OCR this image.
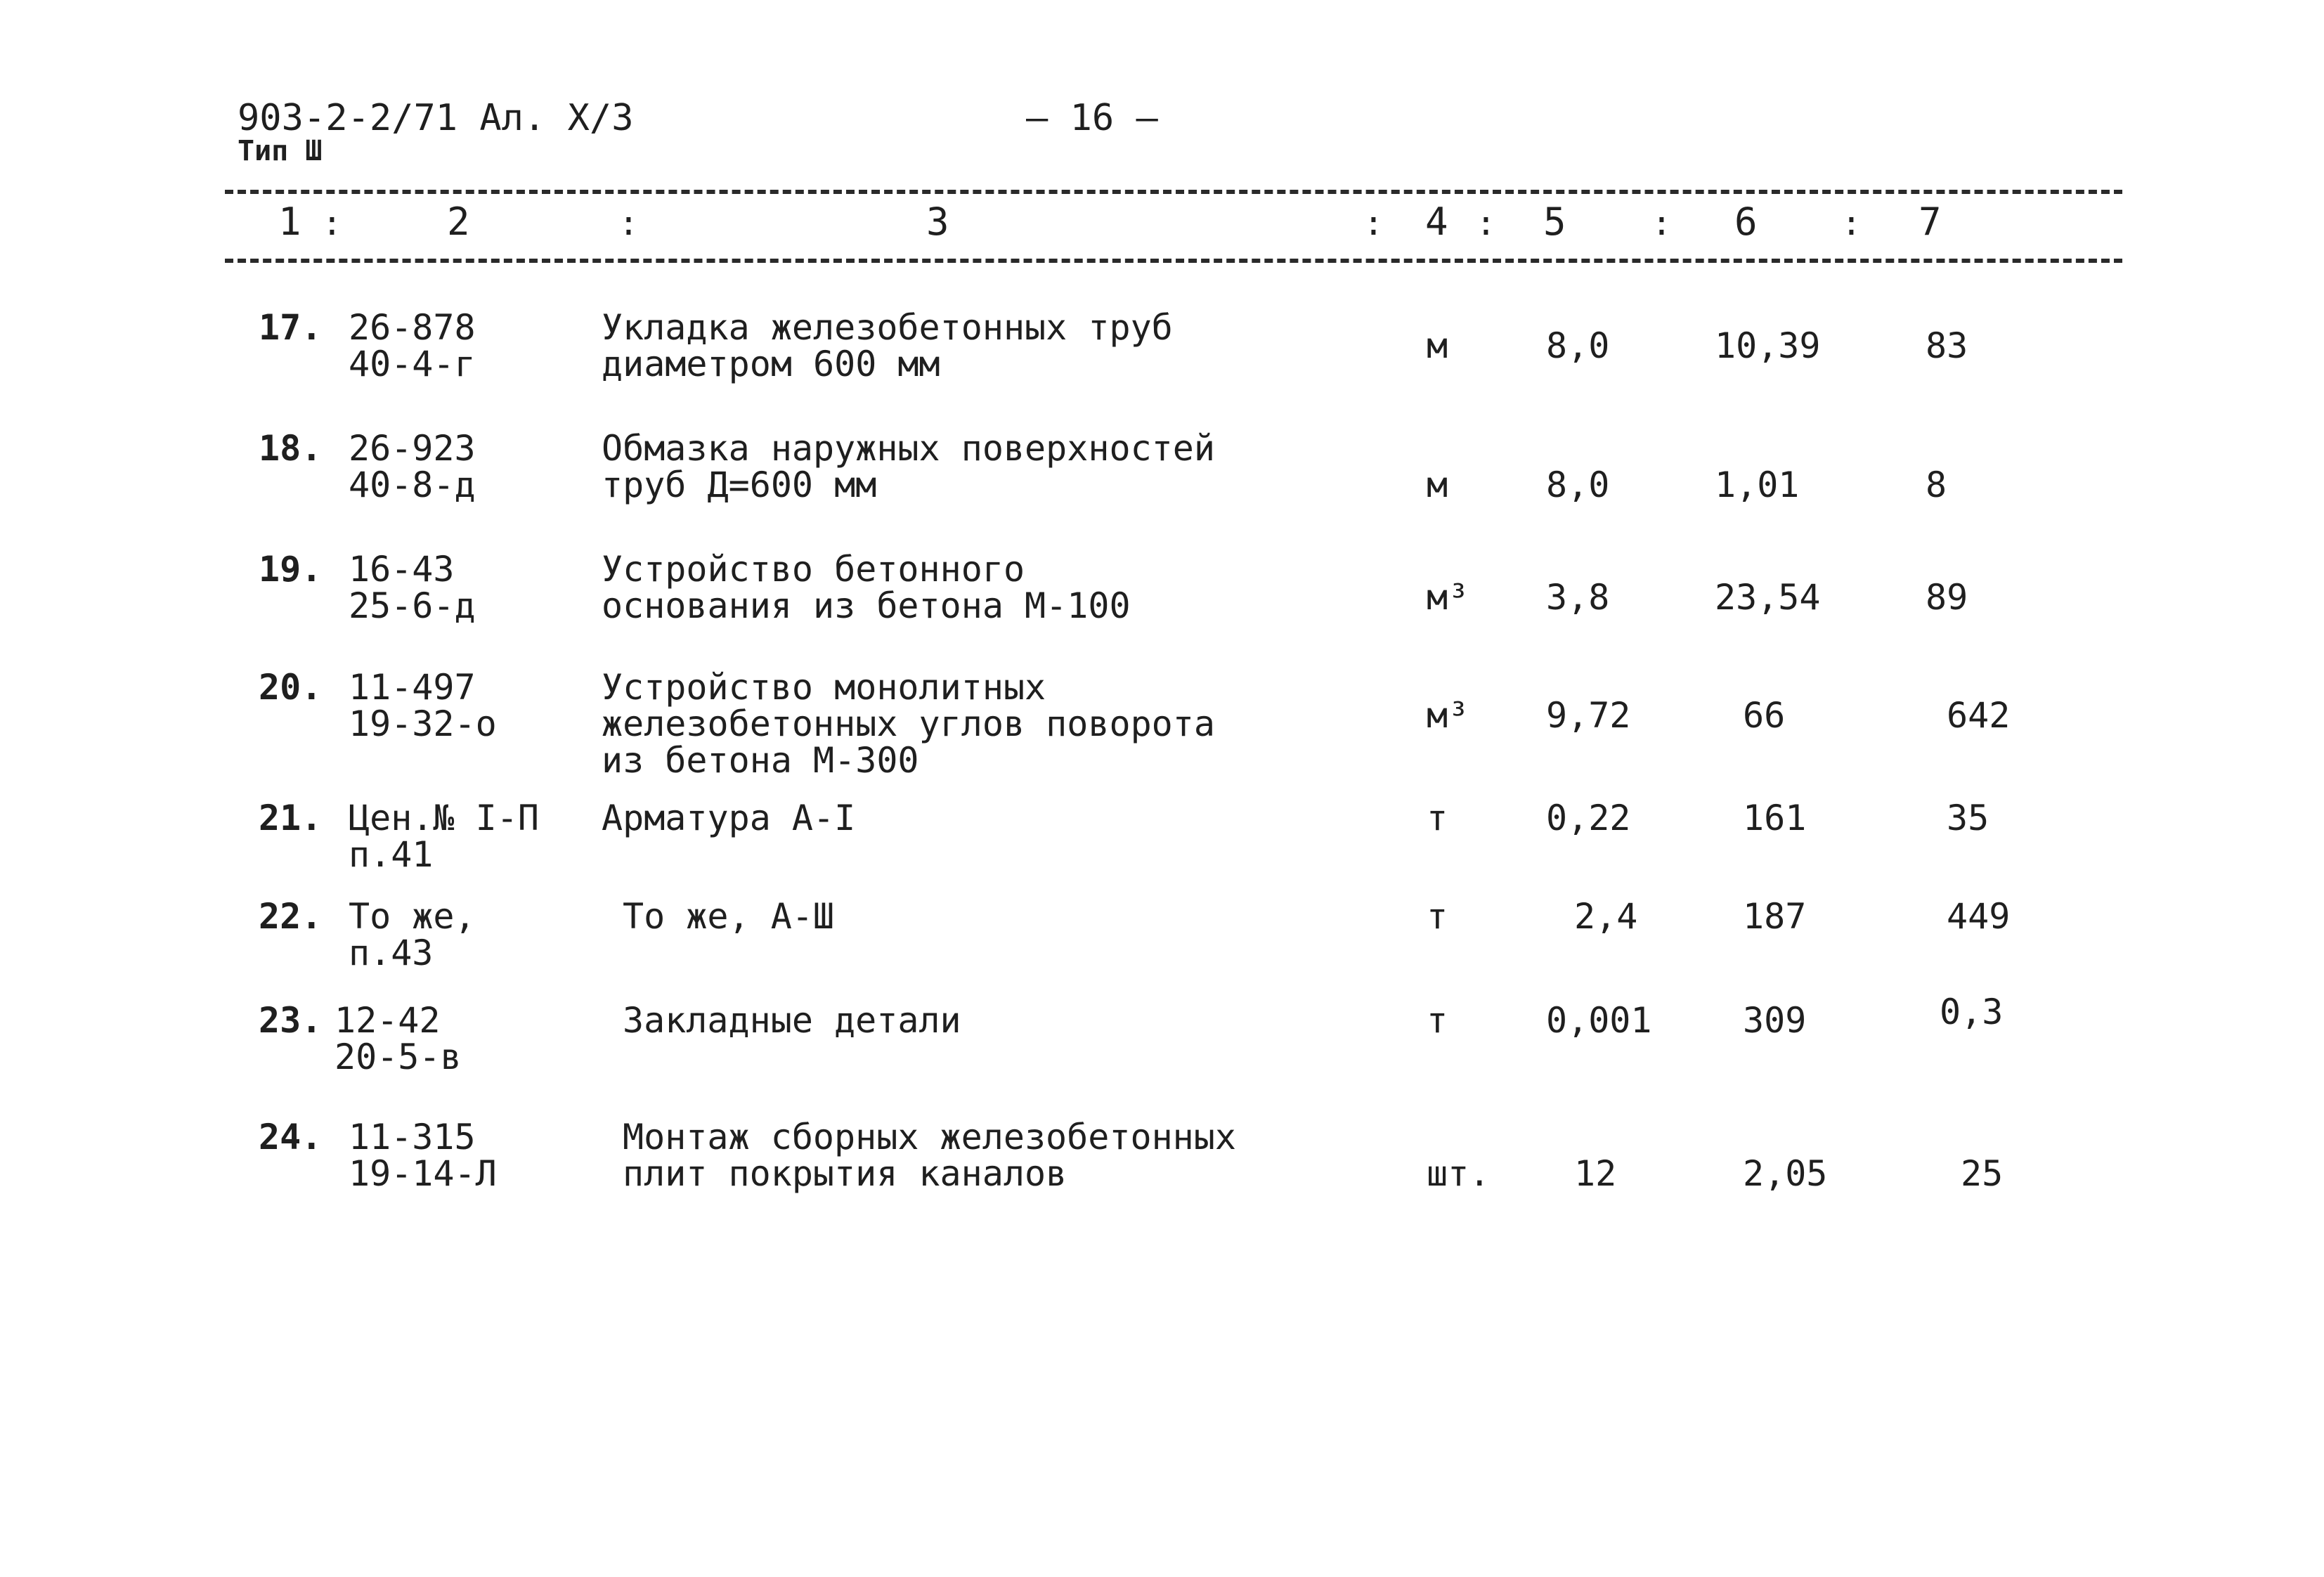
903-2-2/71 Ал. X/3
Тип Ш
– 16 –
1 :	2	:	3	: 4 : 5	: 6 : 7
17. 26-878
40-4-г
Укладка железобетонных труб
диаметром 600 мм	м	8,0	10,39	83
18. 26-923
40-8-д
Обмазка наружных поверхностей
труб Д=600 мм	м	8,0	1,01	8
19. 16-43
25-6-д
Устройство бетонного
основания из бетона М-100	м³ 3,8	23,54	89
20. 11-497
19-32-о
Устройство монолитных
железобетонных углов поворота
из бетона М-300
м³ 9,72	66	642
21. Цен.№ I-П
п.41
Арматура А-I	т	0,22	161	35
22. То же,
п.43
То же, А-Ш	т	2,4	187	449
23. 12-42
20-5-в
Закладные детали	т	0,001	309	0,3
24. 11-315
19-14-Л
Монтаж сборных железобетонных
плит покрытия каналов	шт. 12	2,05	25
